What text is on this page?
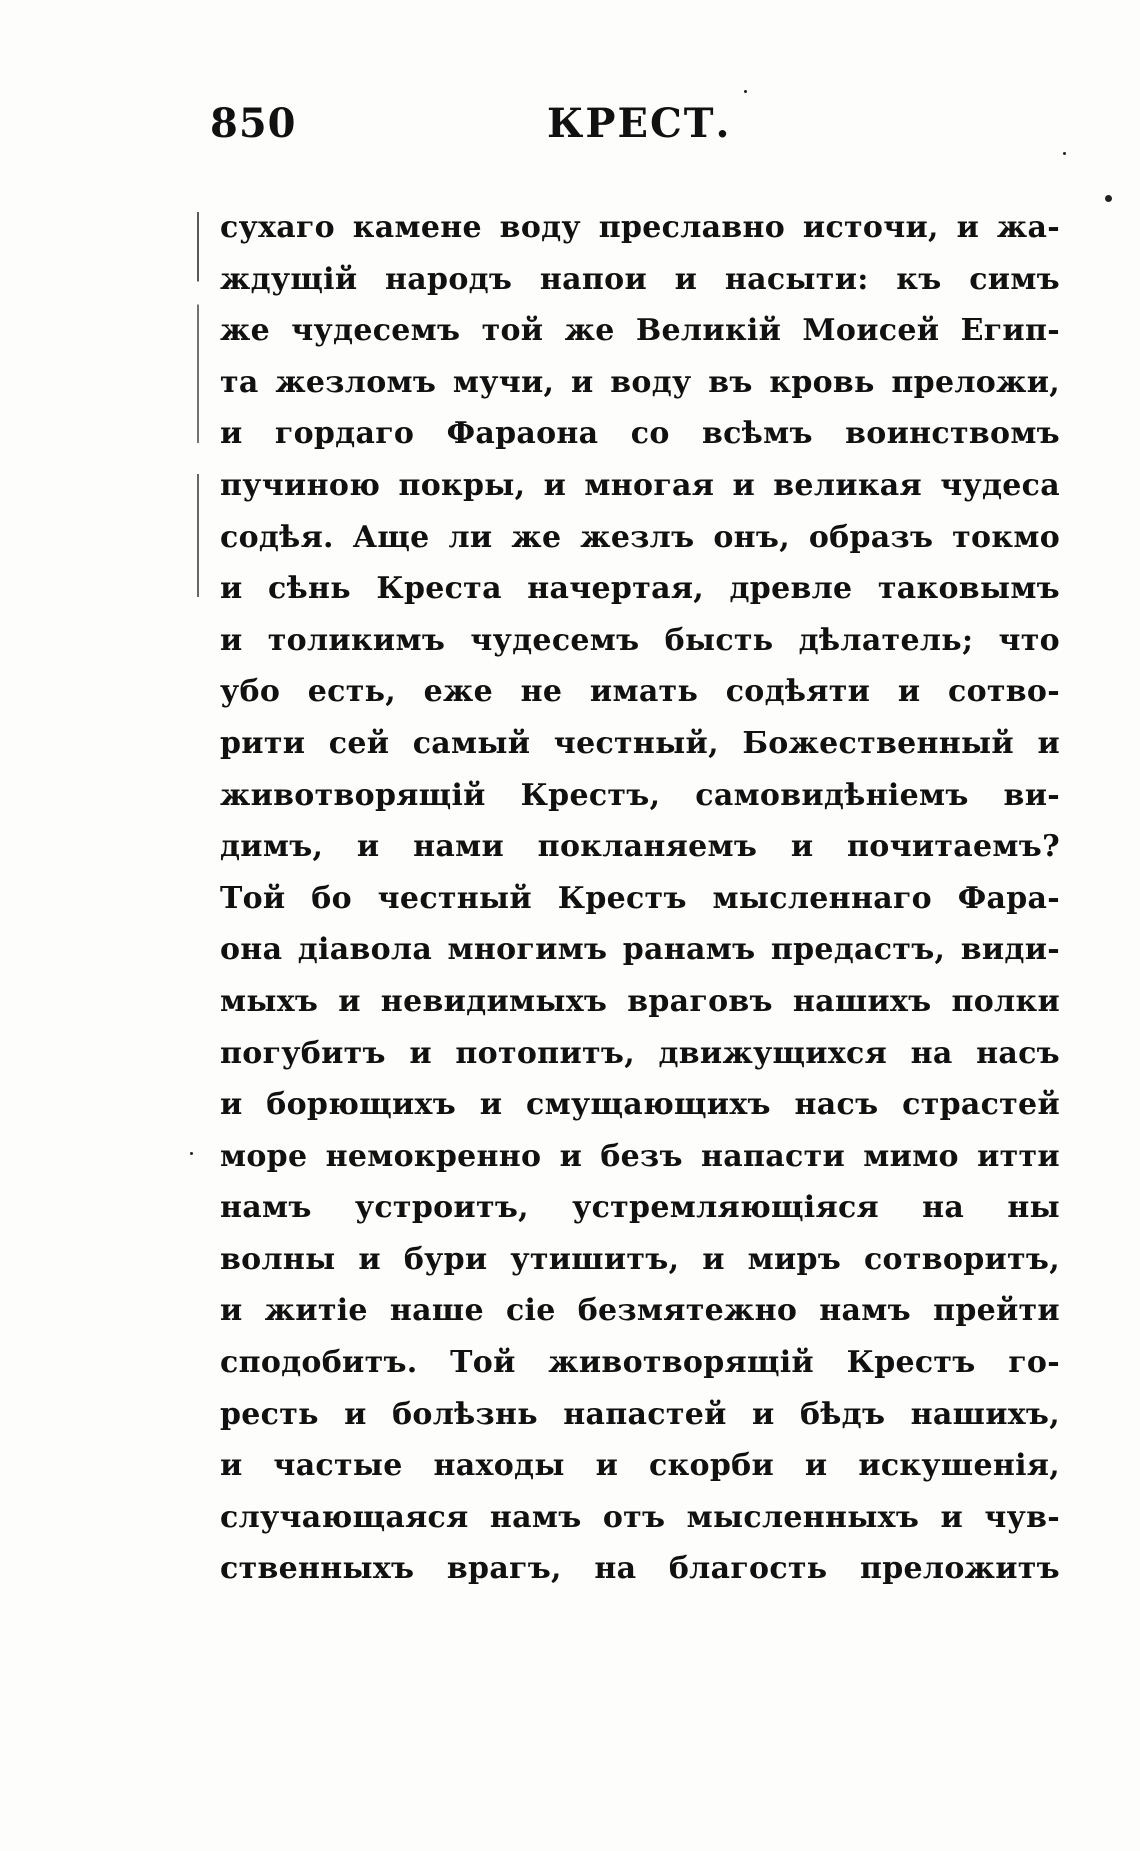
850	КРЕСТ.
сухаго камене воду преславно источи, и жа-
ждущій народъ напои и насыти: къ симъ
же чудесемъ той же Великій Моисей Егип-
та жезломъ мучи, и воду въ кровь преложи,
и гордаго Фараона со всѣмъ воинствомъ
пучиною покры, и многая и великая чудеса
содѣя. Аще ли же жезлъ онъ, образъ токмо
и сѣнь Креста начертая, древле таковымъ
и толикимъ чудесемъ бысть дѣлатель; что
убо есть, еже не имать содѣяти и сотво-
рити сей самый честный, Божественный и
животворящій Крестъ, самовидѣніемъ ви-
димъ, и нами покланяемъ и почитаемъ?
Той бо честный Крестъ мысленнаго Фара-
она діавола многимъ ранамъ предастъ, види-
мыхъ и невидимыхъ враговъ нашихъ полки
погубитъ и потопитъ, движущихся на насъ
и борющихъ и смущающихъ насъ страстей
море немокренно и безъ напасти мимо итти
намъ устроитъ, устремляющіяся на ны
волны и бури утишитъ, и миръ сотворитъ,
и житіе наше сіе безмятежно намъ прейти
сподобитъ. Той животворящій Крестъ го-
ресть и болѣзнь напастей и бѣдъ нашихъ,
и частые находы и скорби и искушенія,
случающаяся намъ отъ мысленныхъ и чув-
ственныхъ врагъ, на благость преложитъ
